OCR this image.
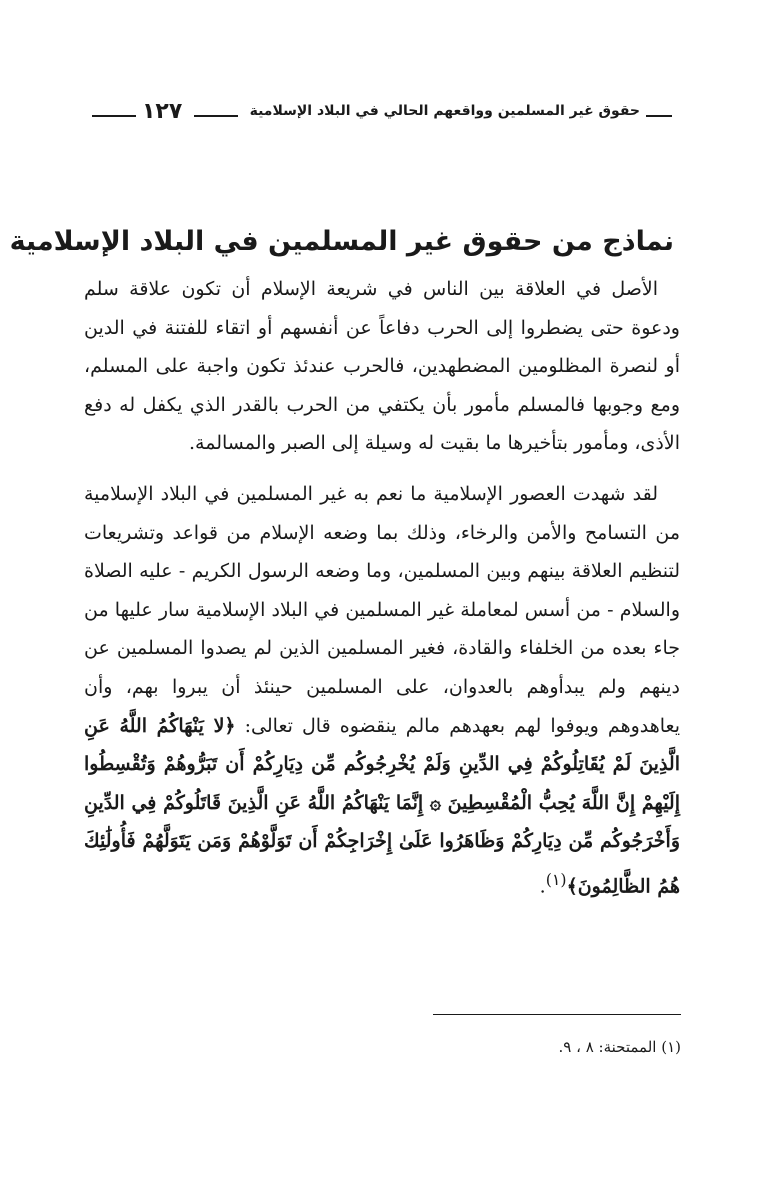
حقوق غير المسلمين وواقعهم الحالي في البلاد الإسلامية
١٢٧
نماذج من حقوق غير المسلمين في البلاد الإسلامية

الأصل في العلاقة بين الناس في شريعة الإسلام أن تكون علاقة سلم ودعوة حتى يضطروا إلى الحرب دفاعاً عن أنفسهم أو اتقاء للفتنة في الدين أو لنصرة المظلومين المضطهدين، فالحرب عندئذ تكون واجبة على المسلم، ومع وجوبها فالمسلم مأمور بأن يكتفي من الحرب بالقدر الذي يكفل له دفع الأذى، ومأمور بتأخيرها ما بقيت له وسيلة إلى الصبر والمسالمة.

لقد شهدت العصور الإسلامية ما نعم به غير المسلمين في البلاد الإسلامية من التسامح والأمن والرخاء، وذلك بما وضعه الإسلام من قواعد وتشريعات لتنظيم العلاقة بينهم وبين المسلمين، وما وضعه الرسول الكريم - عليه الصلاة والسلام - من أسس لمعاملة غير المسلمين في البلاد الإسلامية سار عليها من جاء بعده من الخلفاء والقادة، فغير المسلمين الذين لم يصدوا المسلمين عن دينهم ولم يبدأوهم بالعدوان، على المسلمين حينئذ أن يبروا بهم، وأن يعاهدوهم ويوفوا لهم بعهدهم مالم ينقضوه قال تعالى: ﴿لا يَنْهَاكُمُ اللَّهُ عَنِ الَّذِينَ لَمْ يُقَاتِلُوكُمْ فِي الدِّينِ وَلَمْ يُخْرِجُوكُم مِّن دِيَارِكُمْ أَن تَبَرُّوهُمْ وَتُقْسِطُوا إِلَيْهِمْ إِنَّ اللَّهَ يُحِبُّ الْمُقْسِطِينَ ۞ إِنَّمَا يَنْهَاكُمُ اللَّهُ عَنِ الَّذِينَ قَاتَلُوكُمْ فِي الدِّينِ وَأَخْرَجُوكُم مِّن دِيَارِكُمْ وَظَاهَرُوا عَلَىٰ إِخْرَاجِكُمْ أَن تَوَلَّوْهُمْ وَمَن يَتَوَلَّهُمْ فَأُولَٰئِكَ هُمُ الظَّالِمُونَ﴾$^{(١)}$.

(١) الممتحنة: ٨ ، ٩.
